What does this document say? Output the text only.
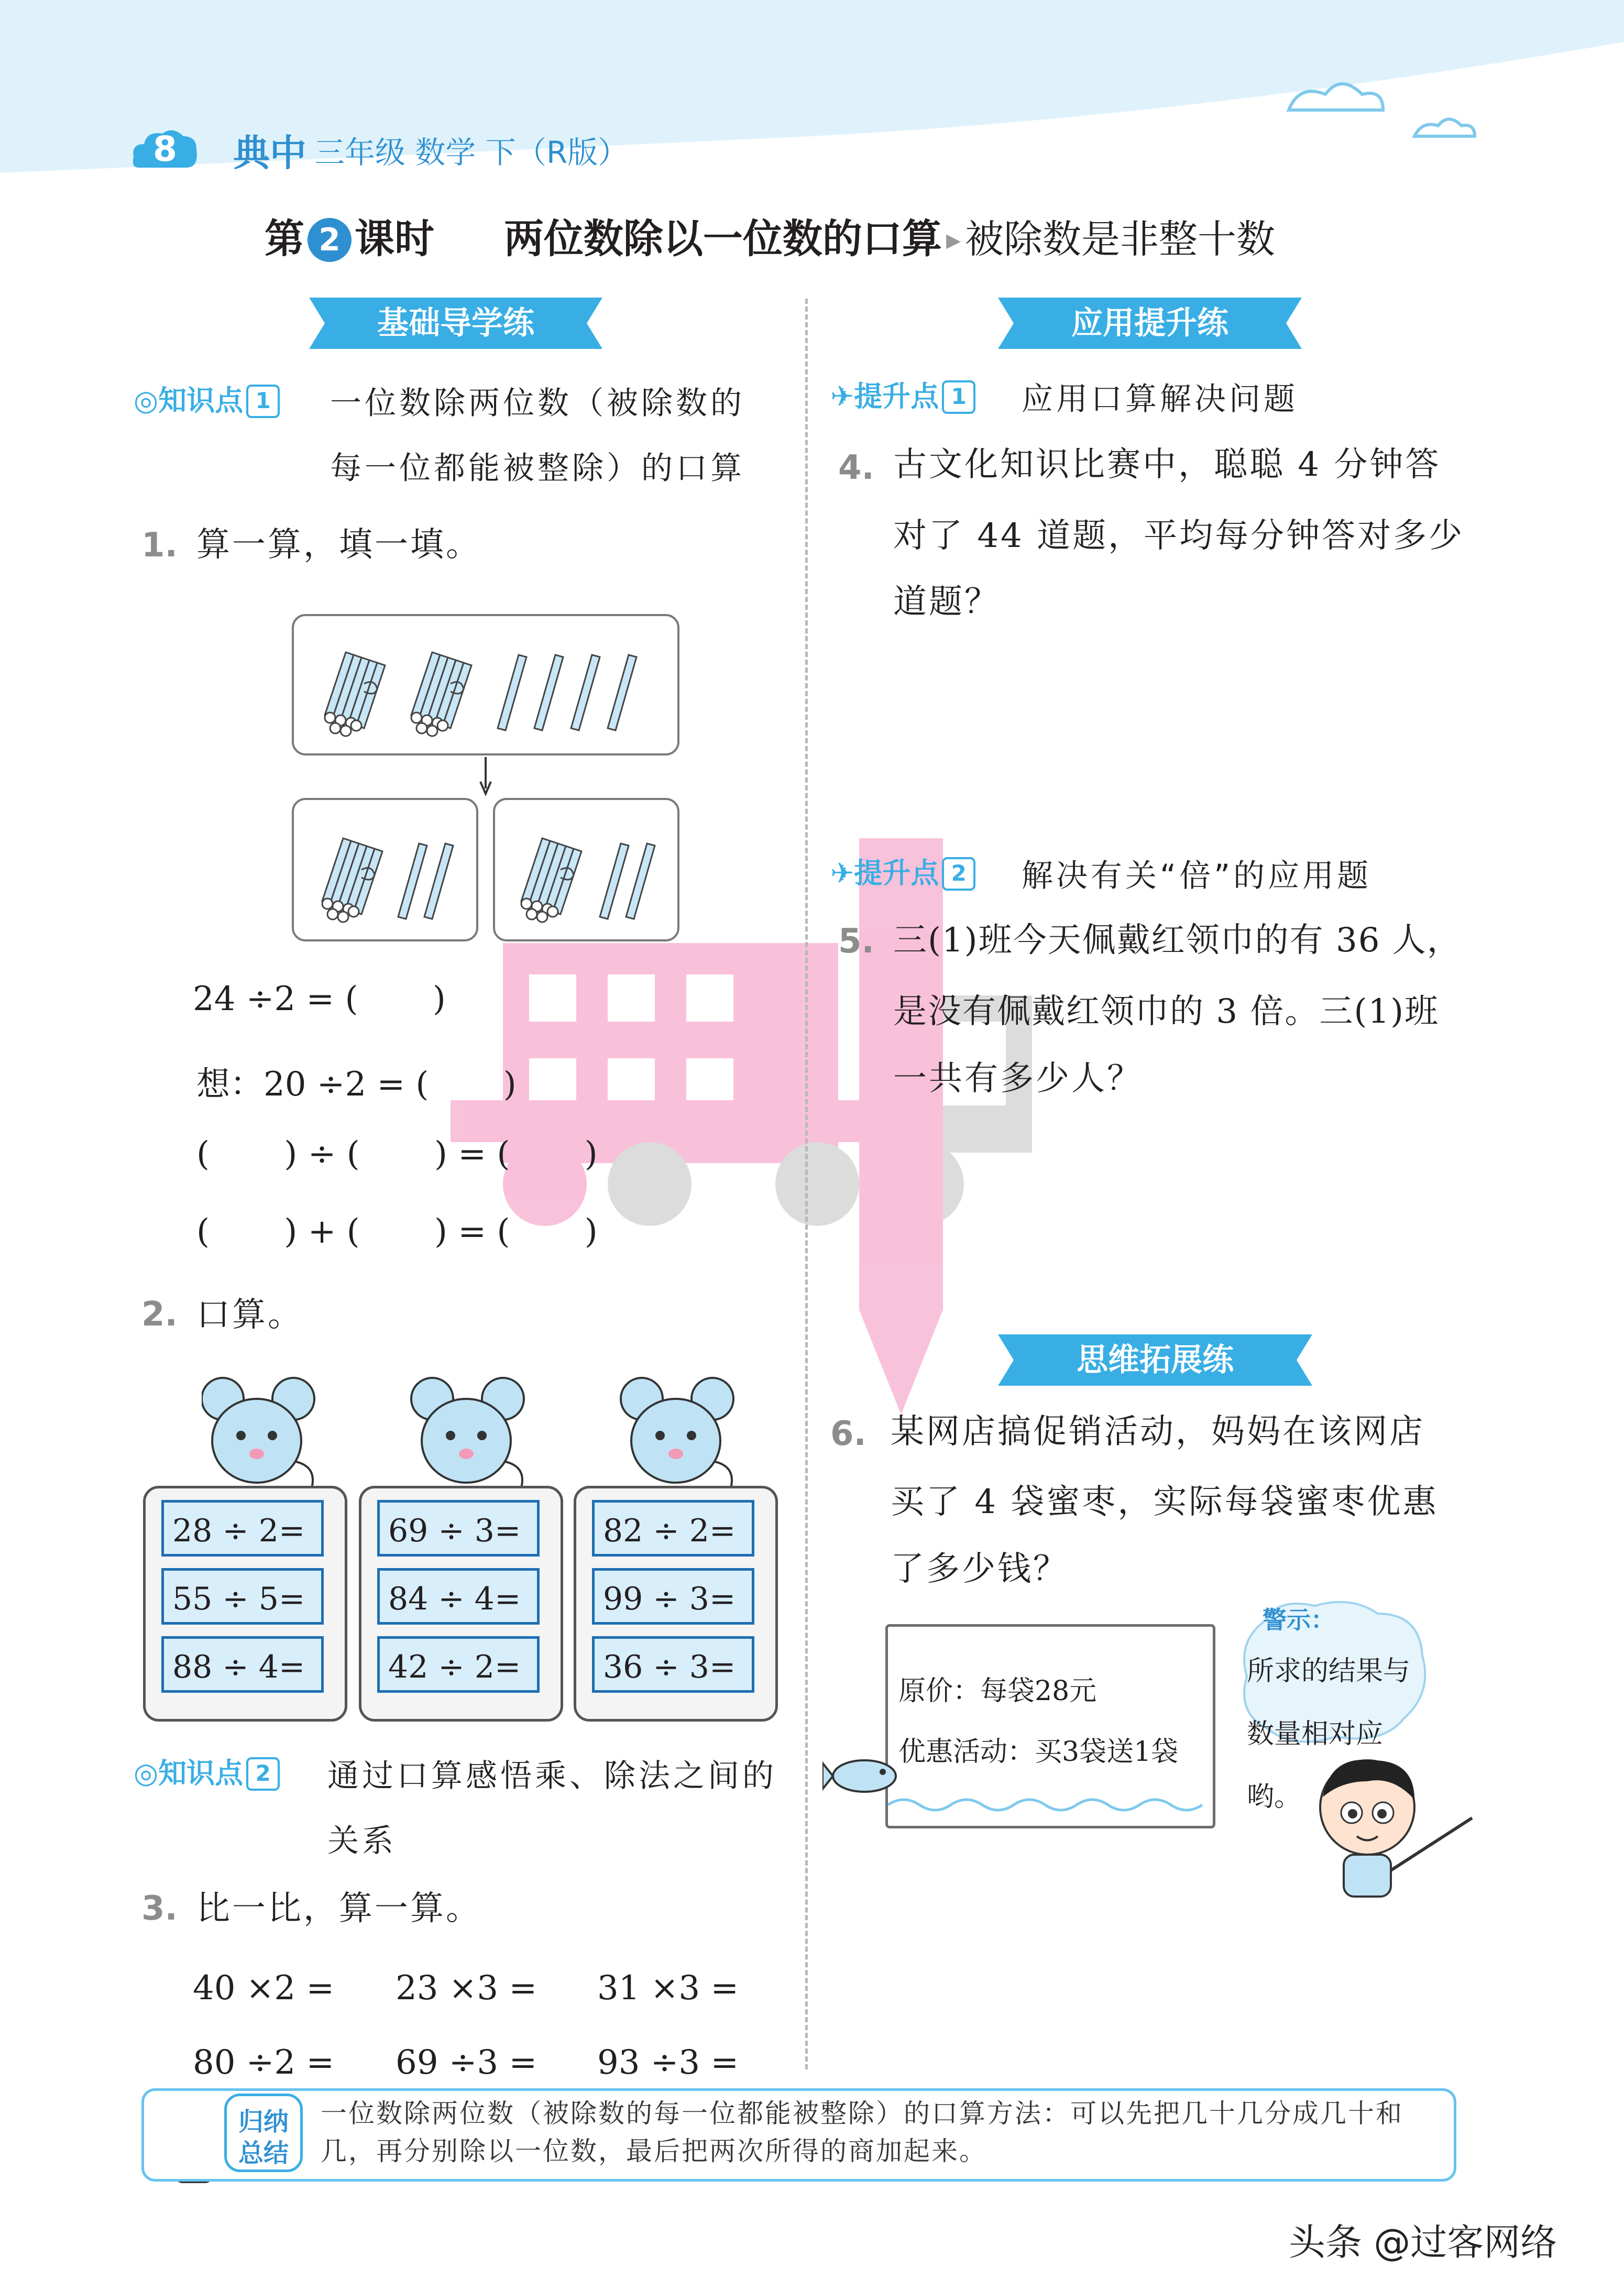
8	典中 三年级 数学 下（R版）
第 2 课时 两位数除以一位数的口算 ▸ 被除数是非整十数
基础导学练
◎知识点 1 一位数除两位数（被除数的
每一位都能被整除）的口算
1. 算一算，填一填。
24 ÷2 = (       )
想：20 ÷2 = (       )
(       ) ÷ (       ) = (       )
(       ) + (       ) = (       )
2. 口算。
28 ÷ 2=
55 ÷ 5=
88 ÷ 4=
69 ÷ 3=
84 ÷ 4=
42 ÷ 2=
82 ÷ 2=
99 ÷ 3=
36 ÷ 3=
◎知识点 2 通过口算感悟乘、除法之间的
关系
3. 比一比，算一算。
40 ×2 = 23 ×3 = 31 ×3 =
80 ÷2 = 69 ÷3 = 93 ÷3 =
应用提升练
✈提升点 1 应用口算解决问题
4. 古文化知识比赛中，聪聪 4 分钟答
对了 44 道题，平均每分钟答对多少
道题？
✈提升点 2 解决有关“倍”的应用题
5. 三(1)班今天佩戴红领巾的有 36 人，
是没有佩戴红领巾的 3 倍。三(1)班
一共有多少人？
思维拓展练
6. 某网店搞促销活动，妈妈在该网店
买了 4 袋蜜枣，实际每袋蜜枣优惠
了多少钱？
原价：每袋28元
优惠活动：买3袋送1袋
警示：
所求的结果与
数量相对应哟。
归纳
总结
一位数除两位数（被除数的每一位都能被整除）的口算方法：可以先把几十几分成几十和几，再分别除以一位数，最后把两次所得的商加起来。
头条 @过客网络
